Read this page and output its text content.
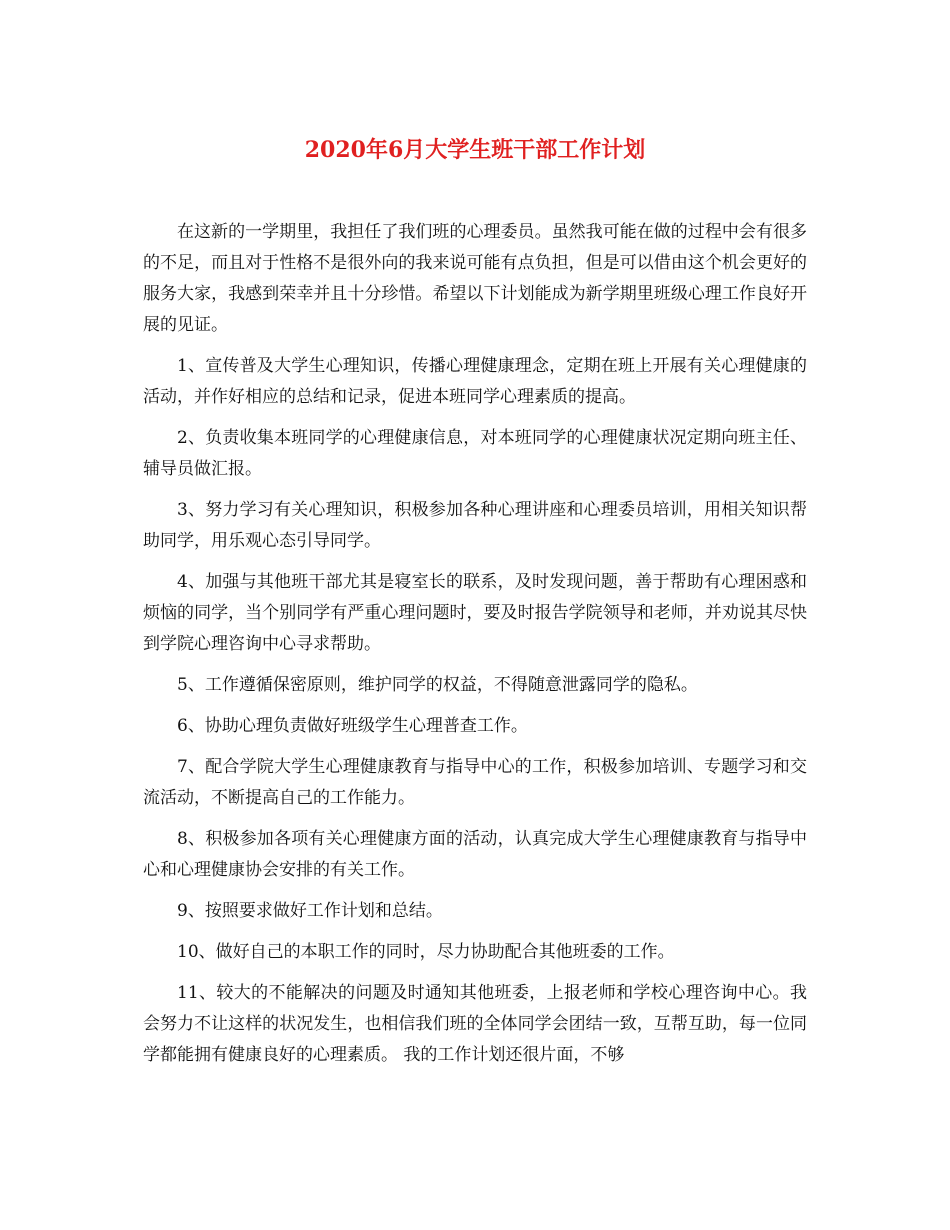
2020年6月大学生班干部工作计划

在这新的一学期里，我担任了我们班的心理委员。虽然我可能在做的过程中会有很多的不足，而且对于性格不是很外向的我来说可能有点负担，但是可以借由这个机会更好的服务大家，我感到荣幸并且十分珍惜。希望以下计划能成为新学期里班级心理工作良好开展的见证。

1、宣传普及大学生心理知识，传播心理健康理念，定期在班上开展有关心理健康的活动，并作好相应的总结和记录，促进本班同学心理素质的提高。

2、负责收集本班同学的心理健康信息，对本班同学的心理健康状况定期向班主任、辅导员做汇报。

3、努力学习有关心理知识，积极参加各种心理讲座和心理委员培训，用相关知识帮助同学，用乐观心态引导同学。

4、加强与其他班干部尤其是寝室长的联系，及时发现问题，善于帮助有心理困惑和烦恼的同学，当个别同学有严重心理问题时，要及时报告学院领导和老师，并劝说其尽快到学院心理咨询中心寻求帮助。

5、工作遵循保密原则，维护同学的权益，不得随意泄露同学的隐私。

6、协助心理负责做好班级学生心理普查工作。

7、配合学院大学生心理健康教育与指导中心的工作，积极参加培训、专题学习和交流活动，不断提高自己的工作能力。

8、积极参加各项有关心理健康方面的活动，认真完成大学生心理健康教育与指导中心和心理健康协会安排的有关工作。

9、按照要求做好工作计划和总结。

10、做好自己的本职工作的同时，尽力协助配合其他班委的工作。

11、较大的不能解决的问题及时通知其他班委，上报老师和学校心理咨询中心。我会努力不让这样的状况发生，也相信我们班的全体同学会团结一致，互帮互助，每一位同学都能拥有健康良好的心理素质。 我的工作计划还很片面，不够
